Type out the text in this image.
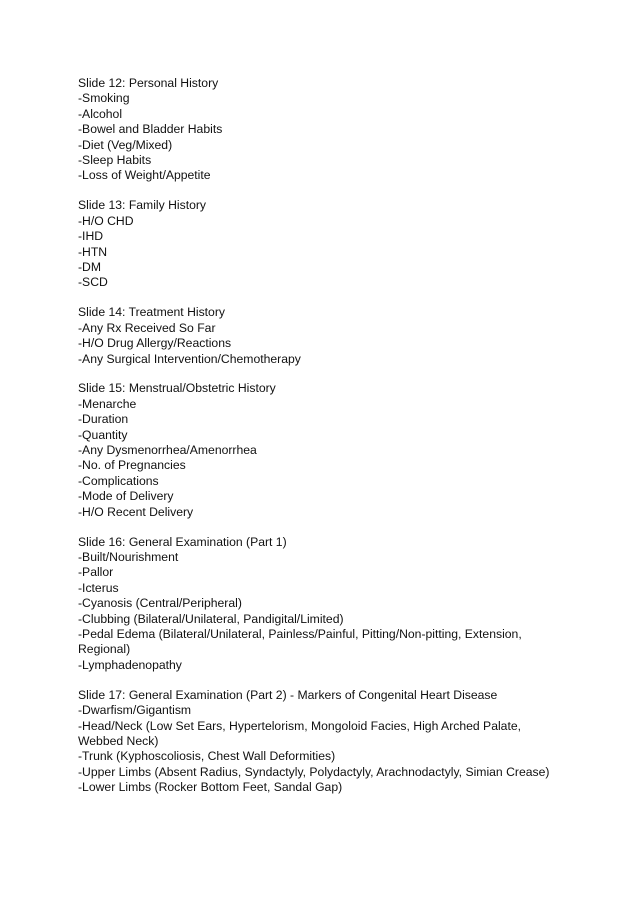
Slide 12: Personal History

-Smoking

-Alcohol

-Bowel and Bladder Habits

-Diet (Veg/Mixed)

-Sleep Habits

-Loss of Weight/Appetite

Slide 13: Family History

-H/O CHD

-IHD

-HTN

-DM

-SCD

Slide 14: Treatment History

-Any Rx Received So Far

-H/O Drug Allergy/Reactions

-Any Surgical Intervention/Chemotherapy

Slide 15: Menstrual/Obstetric History

-Menarche

-Duration

-Quantity

-Any Dysmenorrhea/Amenorrhea

-No. of Pregnancies

-Complications

-Mode of Delivery

-H/O Recent Delivery

Slide 16: General Examination (Part 1)

-Built/Nourishment

-Pallor

-Icterus

-Cyanosis (Central/Peripheral)

-Clubbing (Bilateral/Unilateral, Pandigital/Limited)

-Pedal Edema (Bilateral/Unilateral, Painless/Painful, Pitting/Non-pitting, Extension, Regional)

-Lymphadenopathy

Slide 17: General Examination (Part 2) - Markers of Congenital Heart Disease

-Dwarfism/Gigantism

-Head/Neck (Low Set Ears, Hypertelorism, Mongoloid Facies, High Arched Palate, Webbed Neck)

-Trunk (Kyphoscoliosis, Chest Wall Deformities)

-Upper Limbs (Absent Radius, Syndactyly, Polydactyly, Arachnodactyly, Simian Crease)

-Lower Limbs (Rocker Bottom Feet, Sandal Gap)
